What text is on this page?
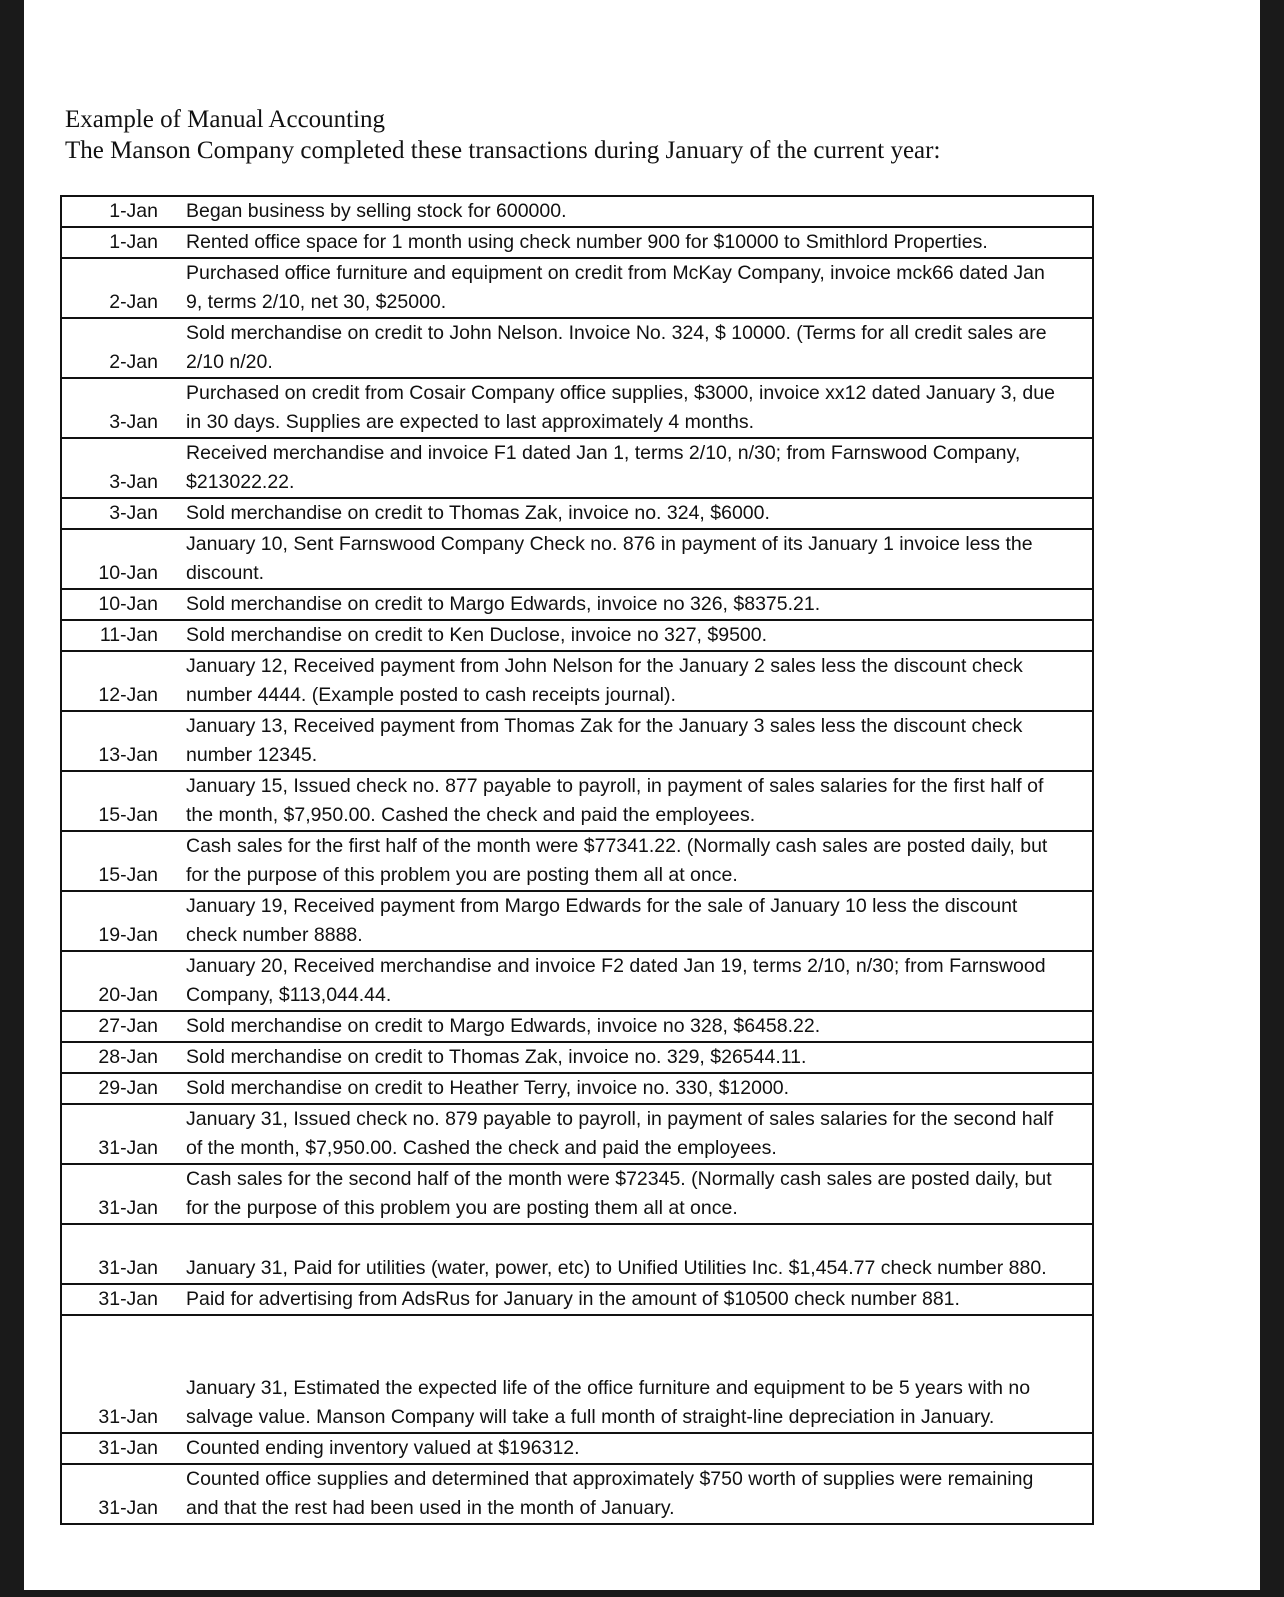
Example of Manual Accounting
The Manson Company completed these transactions during January of the current year:
1-Jan	Began business by selling stock for 600000.

1-Jan	Rented office space for 1 month using check number 900 for $10000 to Smithlord Properties.

2-Jan	Purchased office furniture and equipment on credit from McKay Company, invoice mck66 dated Jan
9, terms 2/10, net 30, $25000.

2-Jan	Sold merchandise on credit to John Nelson. Invoice No. 324, $ 10000. (Terms for all credit sales are
2/10 n/20.

3-Jan	Purchased on credit from Cosair Company office supplies, $3000, invoice xx12 dated January 3, due
in 30 days. Supplies are expected to last approximately 4 months.

3-Jan	Received merchandise and invoice F1 dated Jan 1, terms 2/10, n/30; from Farnswood Company,
$213022.22.

3-Jan	Sold merchandise on credit to Thomas Zak, invoice no. 324, $6000.

10-Jan	January 10, Sent Farnswood Company Check no. 876 in payment of its January 1 invoice less the
discount.

10-Jan	Sold merchandise on credit to Margo Edwards, invoice no 326, $8375.21.

11-Jan	Sold merchandise on credit to Ken Duclose, invoice no 327, $9500.

12-Jan	January 12, Received payment from John Nelson for the January 2 sales less the discount check
number 4444. (Example posted to cash receipts journal).

13-Jan	January 13, Received payment from Thomas Zak for the January 3 sales less the discount check
number 12345.

15-Jan	January 15, Issued check no. 877 payable to payroll, in payment of sales salaries for the first half of
the month, $7,950.00. Cashed the check and paid the employees.

15-Jan	Cash sales for the first half of the month were $77341.22. (Normally cash sales are posted daily, but
for the purpose of this problem you are posting them all at once.

19-Jan	January 19, Received payment from Margo Edwards for the sale of January 10 less the discount
check number 8888.

20-Jan	January 20, Received merchandise and invoice F2 dated Jan 19, terms 2/10, n/30; from Farnswood
Company, $113,044.44.

27-Jan	Sold merchandise on credit to Margo Edwards, invoice no 328, $6458.22.

28-Jan	Sold merchandise on credit to Thomas Zak, invoice no. 329, $26544.11.

29-Jan	Sold merchandise on credit to Heather Terry, invoice no. 330, $12000.

31-Jan	January 31, Issued check no. 879 payable to payroll, in payment of sales salaries for the second half
of the month, $7,950.00. Cashed the check and paid the employees.

31-Jan	Cash sales for the second half of the month were $72345. (Normally cash sales are posted daily, but
for the purpose of this problem you are posting them all at once.

31-Jan	January 31, Paid for utilities (water, power, etc) to Unified Utilities Inc. $1,454.77 check number 880.

31-Jan	Paid for advertising from AdsRus for January in the amount of $10500 check number 881.

31-Jan	January 31, Estimated the expected life of the office furniture and equipment to be 5 years with no
salvage value. Manson Company will take a full month of straight-line depreciation in January.

31-Jan	Counted ending inventory valued at $196312.

31-Jan	Counted office supplies and determined that approximately $750 worth of supplies were remaining
and that the rest had been used in the month of January.
